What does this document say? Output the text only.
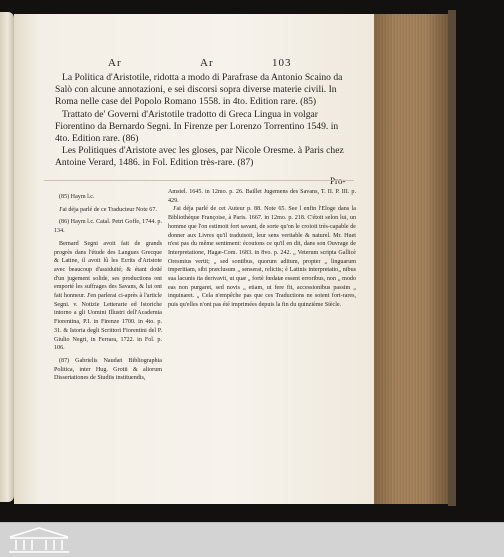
Ar	Ar	103

La Politica d'Aristotile, ridotta a modo di Parafrase da Antonio Scaino da Salò con alcune annotazioni, e sei discorsi sopra diverse materie civili. In Roma nelle case del Popolo Romano 1558. in 4to. Edition rare. (85)

Trattato de' Governi d'Aristotile tradotto di Greca Lingua in volgar Fiorentino da Bernardo Segni. In Firenze per Lorenzo Torrentino 1549. in 4to. Edition rare. (86)

Les Politiques d'Aristote avec les gloses, par Nicole Oresme. à Paris chez Antoine Verard, 1486. in Fol. Edition très-rare. (87)

Pro-

(85) Haym l.c.

J'ai déja parlé de ce Traducteur Note 67.

(86) Haym l.c. Catal. Petri Goffe, 1744. p. 134.

Bernard Segni avoit fait de grands progrès dans l'étude des Langues Grecque & Latine, il avoit lû les Ecrits d'Aristote avec beaucoup d'assiduité; & étant doüé d'un jugement solide, ses productions ont emporté les suffrages des Savans, & lui ont fait honneur. J'en parlerai ci-après à l'article Segni. v. Notizie Letterarie ed Istoriche intorno a gli Uomini Illustri dell'Academia Fiorentina, P.I. in Firenze 1700. in 4to. p. 31. & Istoria degli Scrittori Fiorentini del P. Giulio Negri, in Ferrara, 1722. in Fol. p. 106.

(87) Gabrielis Naudæi Bibliographia Politica, inter Hug. Grotii & aliorum Dissertationes de Studiis instituendis,

Amstel. 1645. in 12mo. p. 26. Baillet Jugemens des Savans, T. II. P. III. p. 429.

J'ai déja parlé de cet Auteur p. 88. Note 65. See l enfin l'Eloge dans la Bibliothèque Françoise, à Paris. 1667. in 12mo. p. 218. C'étoit selon lui, un homme que l'on estimoit fort savant, de sorte qu'on le croioit très-capable de donner aux Livres qu'il traduisoit, leur sens veritable & naturel. Mr. Huet n'est pas du même sentiment: écoutons ce qu'il en dit, dans son Ouvrage de Interpretatione, Hagæ-Com. 1683. in 8vo. p. 242. „ Veterum scripta Gallicè Oresmius vertit; „ sed sontibus, quorum aditum, propter „ linguarum imperitiam, sibi præclusum „ senserat, relictis; è Latinis interpretatio„ nibus sua lacunis ita derivavit, ut quæ „ fortè fœdatæ essent erroribus, non „ modo eas non purgaret, sed novis „ etiam, ut fere fit, accessionibus passim „ inquinaret. „ Cela n'empêche pas que ces Traductions ne soient fort-rares, puis qu'elles n'ont pas été imprimées depuis la fin du quinzième Siècle.
